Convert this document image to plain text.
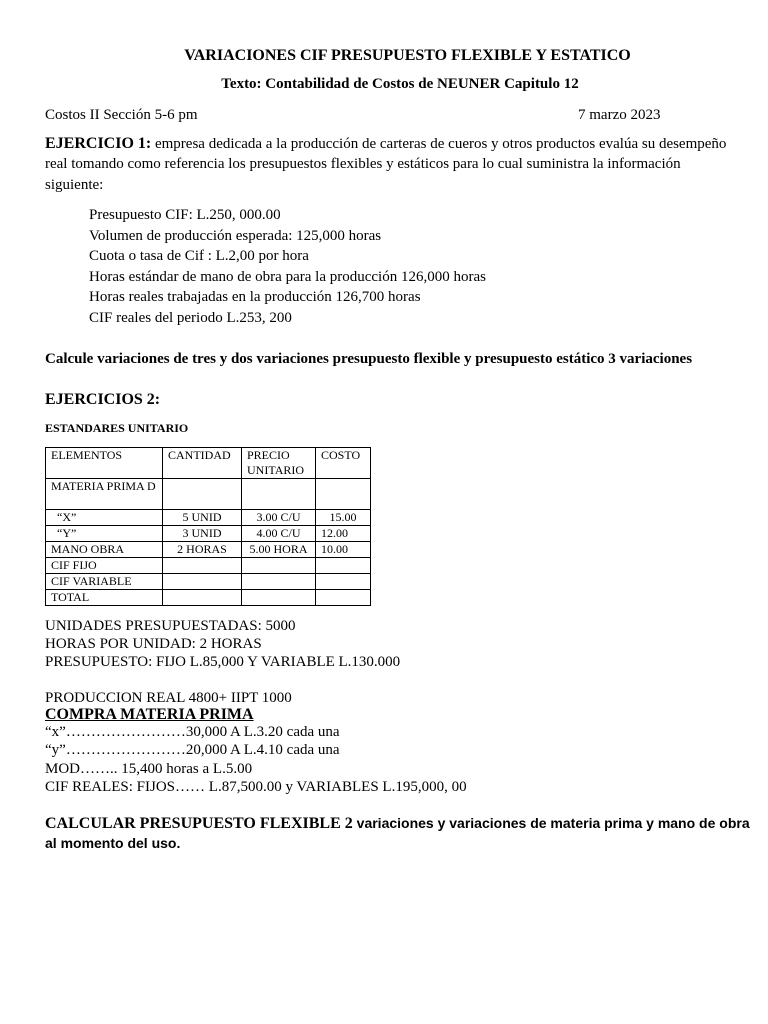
VARIACIONES CIF PRESUPUESTO FLEXIBLE Y ESTATICO
Texto: Contabilidad de Costos de NEUNER Capitulo 12
Costos II Sección 5-6 pm	7 marzo 2023
EJERCICIO 1: empresa dedicada a la producción de carteras de cueros y otros productos evalúa su desempeño
real tomando como referencia los presupuestos flexibles y estáticos para lo cual suministra la información
siguiente:
Presupuesto CIF: L.250, 000.00
Volumen de producción esperada: 125,000 horas
Cuota o tasa de Cif : L.2,00 por hora
Horas estándar de mano de obra para la producción 126,000 horas
Horas reales trabajadas en la producción 126,700 horas
CIF reales del periodo L.253, 200
Calcule variaciones de tres y dos variaciones presupuesto flexible y presupuesto estático 3 variaciones
EJERCICIOS 2:
ESTANDARES UNITARIO
ELEMENTOS	CANTIDAD	PRECIO UNITARIO	COSTO
MATERIA PRIMA D			
“X”	5 UNID	3.00 C/U	15.00
“Y”	3 UNID	4.00 C/U	12.00
MANO OBRA	2 HORAS	5.00 HORA	10.00
CIF FIJO			
CIF VARIABLE			
TOTAL			
UNIDADES PRESUPUESTADAS: 5000
HORAS POR UNIDAD: 2 HORAS
PRESUPUESTO: FIJO L.85,000 Y VARIABLE L.130.000
PRODUCCION REAL 4800+ IIPT 1000
COMPRA MATERIA PRIMA
“x”……………………30,000 A L.3.20 cada una
“y”……………………20,000 A L.4.10 cada una
MOD…….. 15,400 horas a L.5.00
CIF REALES: FIJOS…… L.87,500.00 y VARIABLES L.195,000, 00
CALCULAR PRESUPUESTO FLEXIBLE 2 variaciones y variaciones de materia prima y mano de obra
al momento del uso.
